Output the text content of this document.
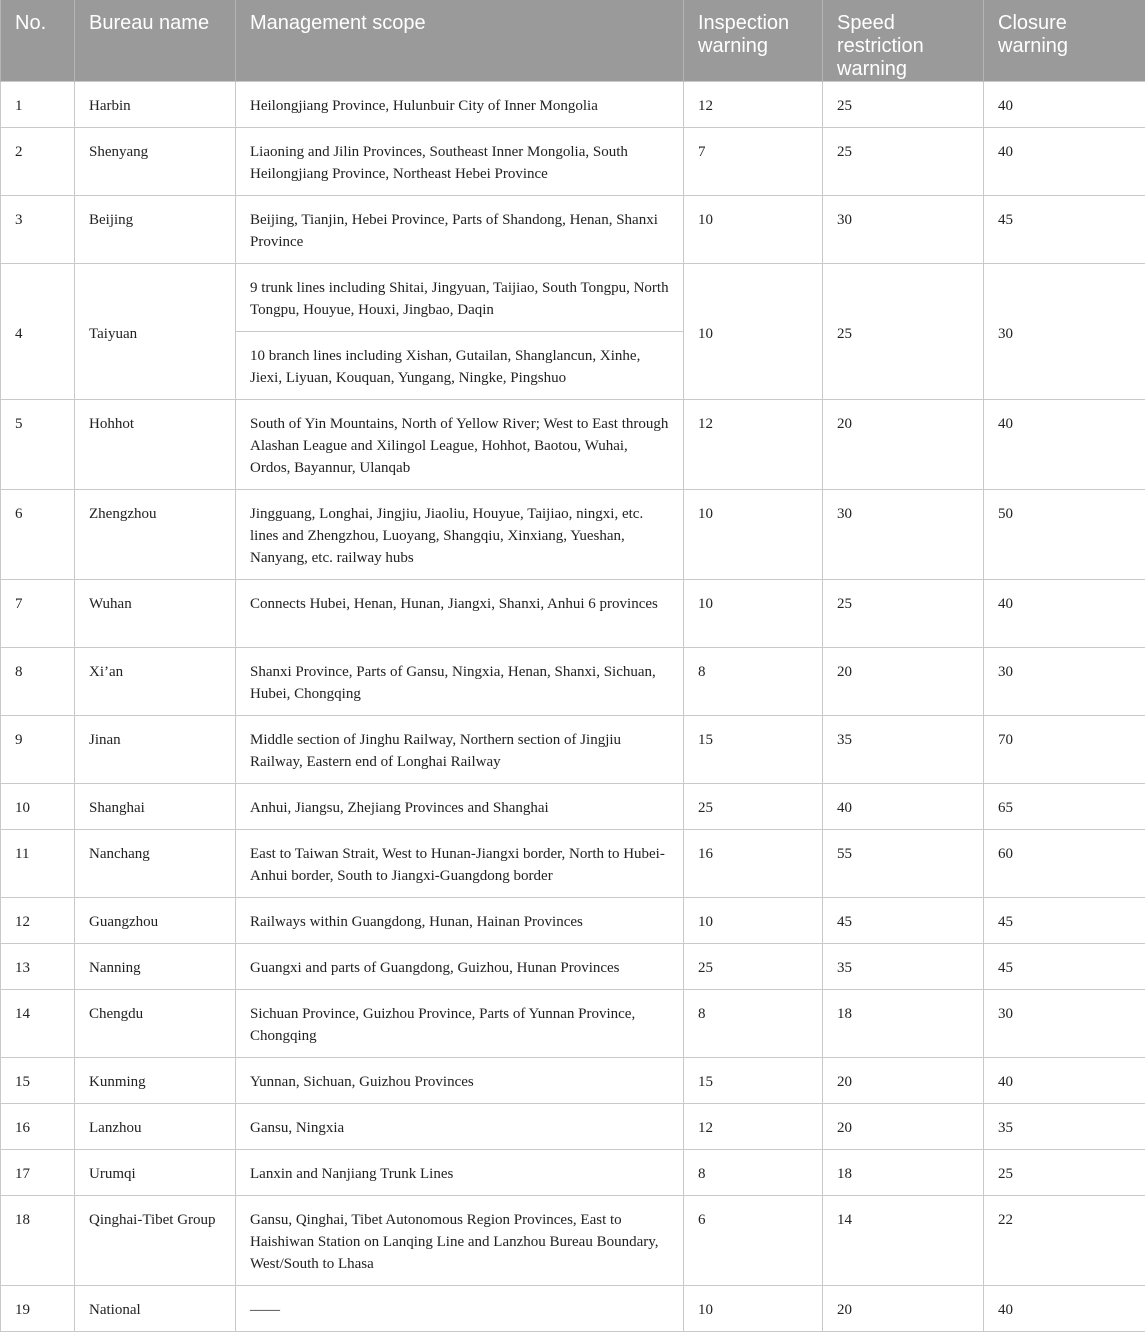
No.	Bureau name	Management scope	Inspection warning	Speed restriction warning	Closure warning
1	Harbin	Heilongjiang Province, Hulunbuir City of Inner Mongolia	12	25	40
2	Shenyang	Liaoning and Jilin Provinces, Southeast Inner Mongolia, South Heilongjiang Province, Northeast Hebei Province	7	25	40
3	Beijing	Beijing, Tianjin, Hebei Province, Parts of Shandong, Henan, Shanxi Province	10	30	45
4	Taiyuan	9 trunk lines including Shitai, Jingyuan, Taijiao, South Tongpu, North Tongpu, Houyue, Houxi, Jingbao, Daqin	10	25	30
		10 branch lines including Xishan, Gutailan, Shanglancun, Xinhe, Jiexi, Liyuan, Kouquan, Yungang, Ningke, Pingshuo			
5	Hohhot	South of Yin Mountains, North of Yellow River; West to East through Alashan League and Xilingol League, Hohhot, Baotou, Wuhai, Ordos, Bayannur, Ulanqab	12	20	40
6	Zhengzhou	Jingguang, Longhai, Jingjiu, Jiaoliu, Houyue, Taijiao, ningxi, etc. lines and Zhengzhou, Luoyang, Shangqiu, Xinxiang, Yueshan, Nanyang, etc. railway hubs	10	30	50
7	Wuhan	Connects Hubei, Henan, Hunan, Jiangxi, Shanxi, Anhui 6 provinces	10	25	40
8	Xi’an	Shanxi Province, Parts of Gansu, Ningxia, Henan, Shanxi, Sichuan, Hubei, Chongqing	8	20	30
9	Jinan	Middle section of Jinghu Railway, Northern section of Jingjiu Railway, Eastern end of Longhai Railway	15	35	70
10	Shanghai	Anhui, Jiangsu, Zhejiang Provinces and Shanghai	25	40	65
11	Nanchang	East to Taiwan Strait, West to Hunan-Jiangxi border, North to Hubei-Anhui border, South to Jiangxi-Guangdong border	16	55	60
12	Guangzhou	Railways within Guangdong, Hunan, Hainan Provinces	10	45	45
13	Nanning	Guangxi and parts of Guangdong, Guizhou, Hunan Provinces	25	35	45
14	Chengdu	Sichuan Province, Guizhou Province, Parts of Yunnan Province, Chongqing	8	18	30
15	Kunming	Yunnan, Sichuan, Guizhou Provinces	15	20	40
16	Lanzhou	Gansu, Ningxia	12	20	35
17	Urumqi	Lanxin and Nanjiang Trunk Lines	8	18	25
18	Qinghai-Tibet Group	Gansu, Qinghai, Tibet Autonomous Region Provinces, East to Haishiwan Station on Lanqing Line and Lanzhou Bureau Boundary, West/South to Lhasa	6	14	22
19	National	——	10	20	40
